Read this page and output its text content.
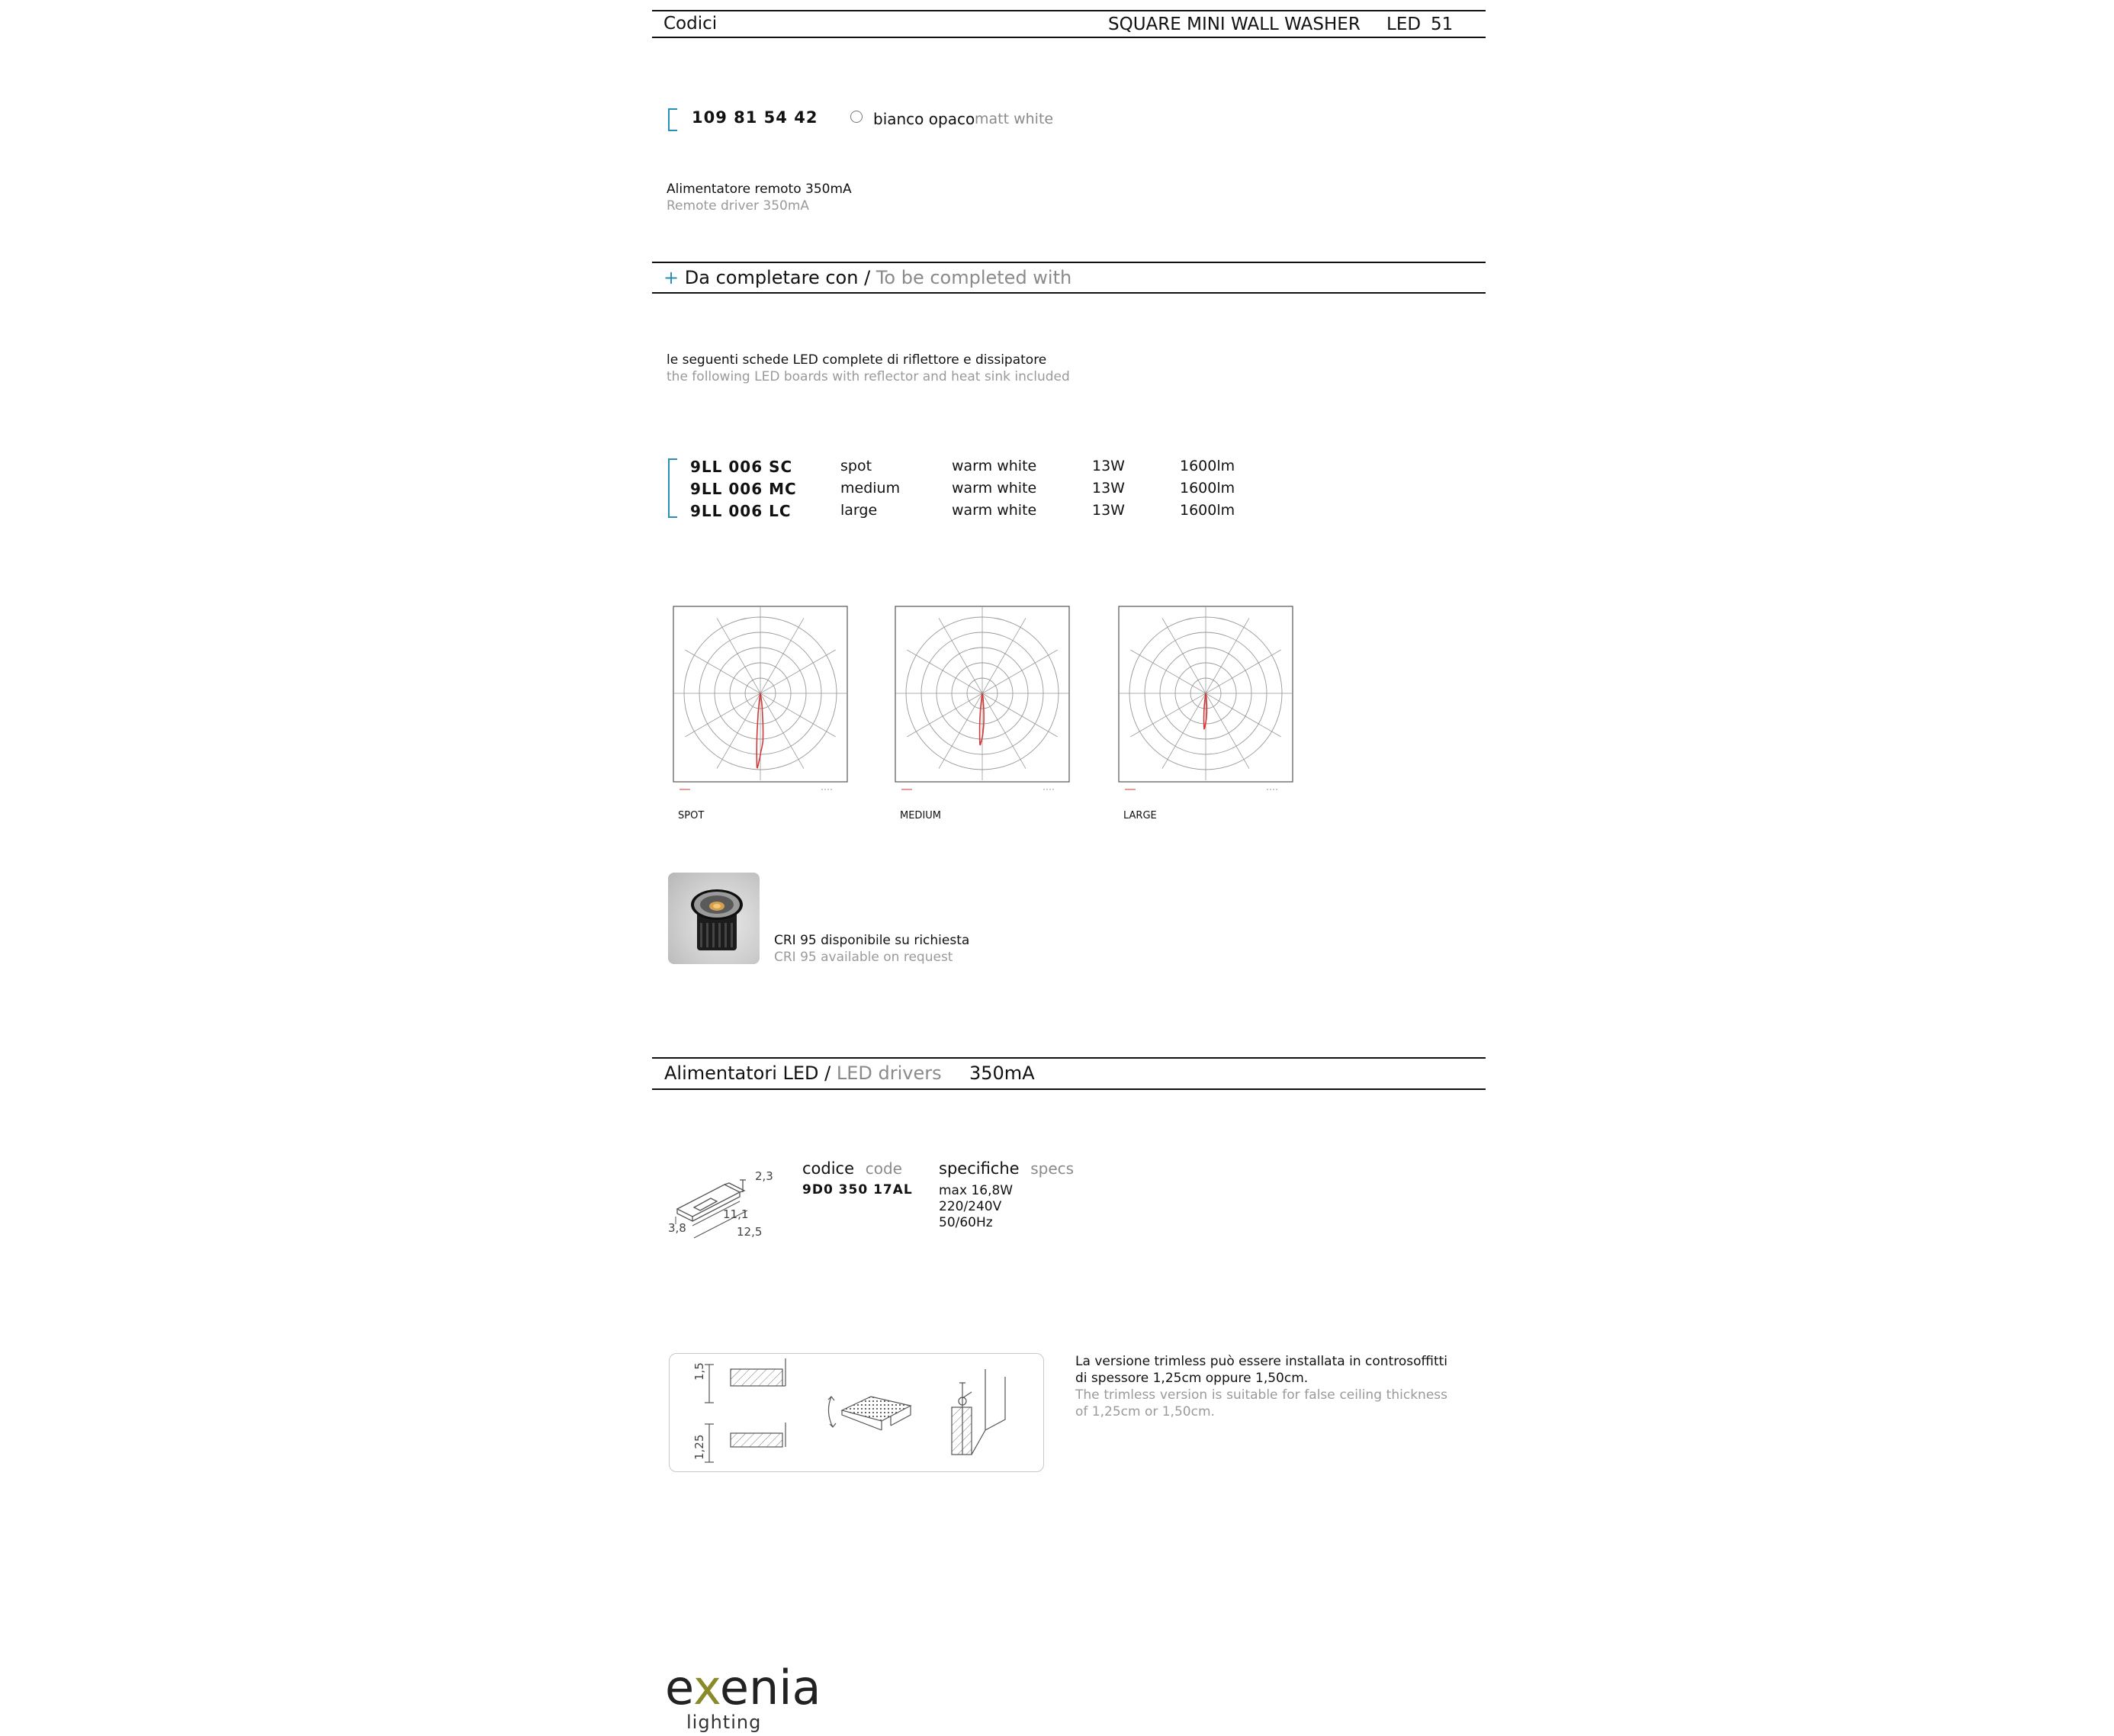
Codici	SQUARE MINI WALL WASHER LED 51
109 81 54 42	bianco opaco matt white
Alimentatore remoto 350mA
Remote driver 350mA
+ Da completare con / To be completed with
le seguenti schede LED complete di riflettore e dissipatore
the following LED boards with reflector and heat sink included
9LL 006 SC	spot	warm white	13W	1600lm
9LL 006 MC	medium	warm white	13W	1600lm
9LL 006 LC	large	warm white	13W	1600lm
SPOT	MEDIUM	LARGE
CRI 95 disponibile su richiesta
CRI 95 available on request
Alimentatori LED / LED drivers 350mA
2,3
3,8
11,1
12,5
codice code
9D0 350 17AL
specifiche specs
max 16,8W
220/240V
50/60Hz
1,5
1,25
La versione trimless può essere installata in controsoffitti di spessore 1,25cm oppure 1,50cm.
The trimless version is suitable for false ceiling thickness of 1,25cm or 1,50cm.
exenia
lighting
